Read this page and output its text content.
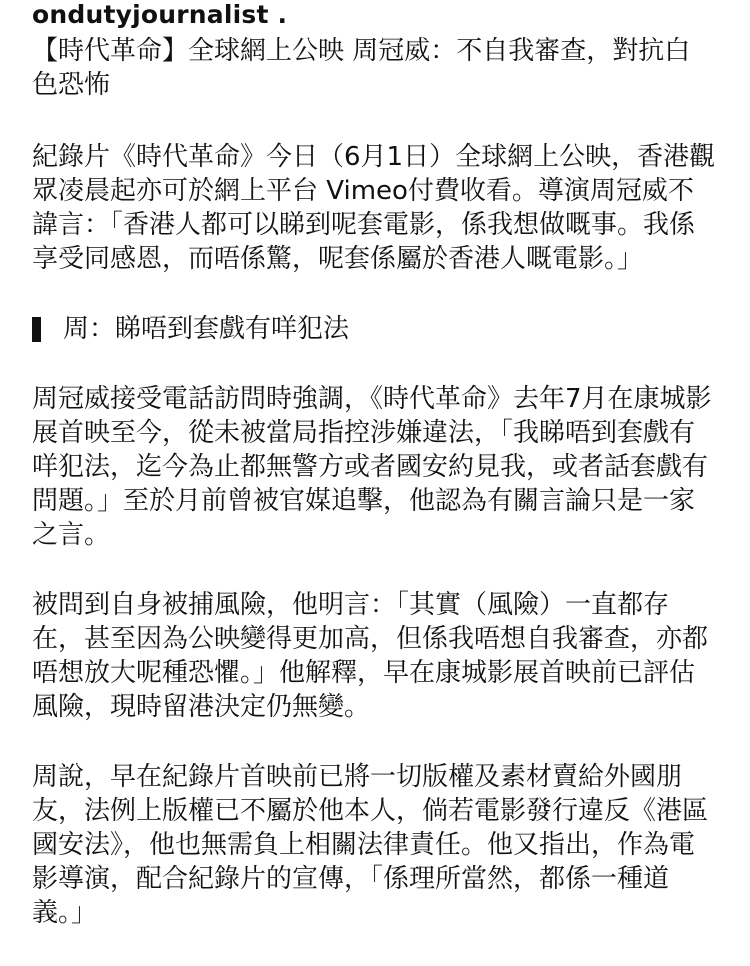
ondutyjournalist .
【時代革命】全球網上公映 周冠威：不自我審查，對抗白色恐怖
紀錄片《時代革命》今日（6月1日）全球網上公映，香港觀眾凌晨起亦可於網上平台 Vimeo付費收看。導演周冠威不諱言：「香港人都可以睇到呢套電影，係我想做嘅事。我係享受同感恩，而唔係驚，呢套係屬於香港人嘅電影。」
周：睇唔到套戲有咩犯法
周冠威接受電話訪問時強調，《時代革命》去年7月在康城影展首映至今，從未被當局指控涉嫌違法，「我睇唔到套戲有咩犯法，迄今為止都無警方或者國安約見我，或者話套戲有問題。」至於月前曾被官媒追擊，他認為有關言論只是一家之言。
被問到自身被捕風險，他明言：「其實（風險）一直都存在，甚至因為公映變得更加高，但係我唔想自我審查，亦都唔想放大呢種恐懼。」他解釋，早在康城影展首映前已評估風險，現時留港決定仍無變。
周說，早在紀錄片首映前已將一切版權及素材賣給外國朋友，法例上版權已不屬於他本人，倘若電影發行違反《港區國安法》，他也無需負上相關法律責任。他又指出，作為電影導演，配合紀錄片的宣傳，「係理所當然，都係一種道義。」
